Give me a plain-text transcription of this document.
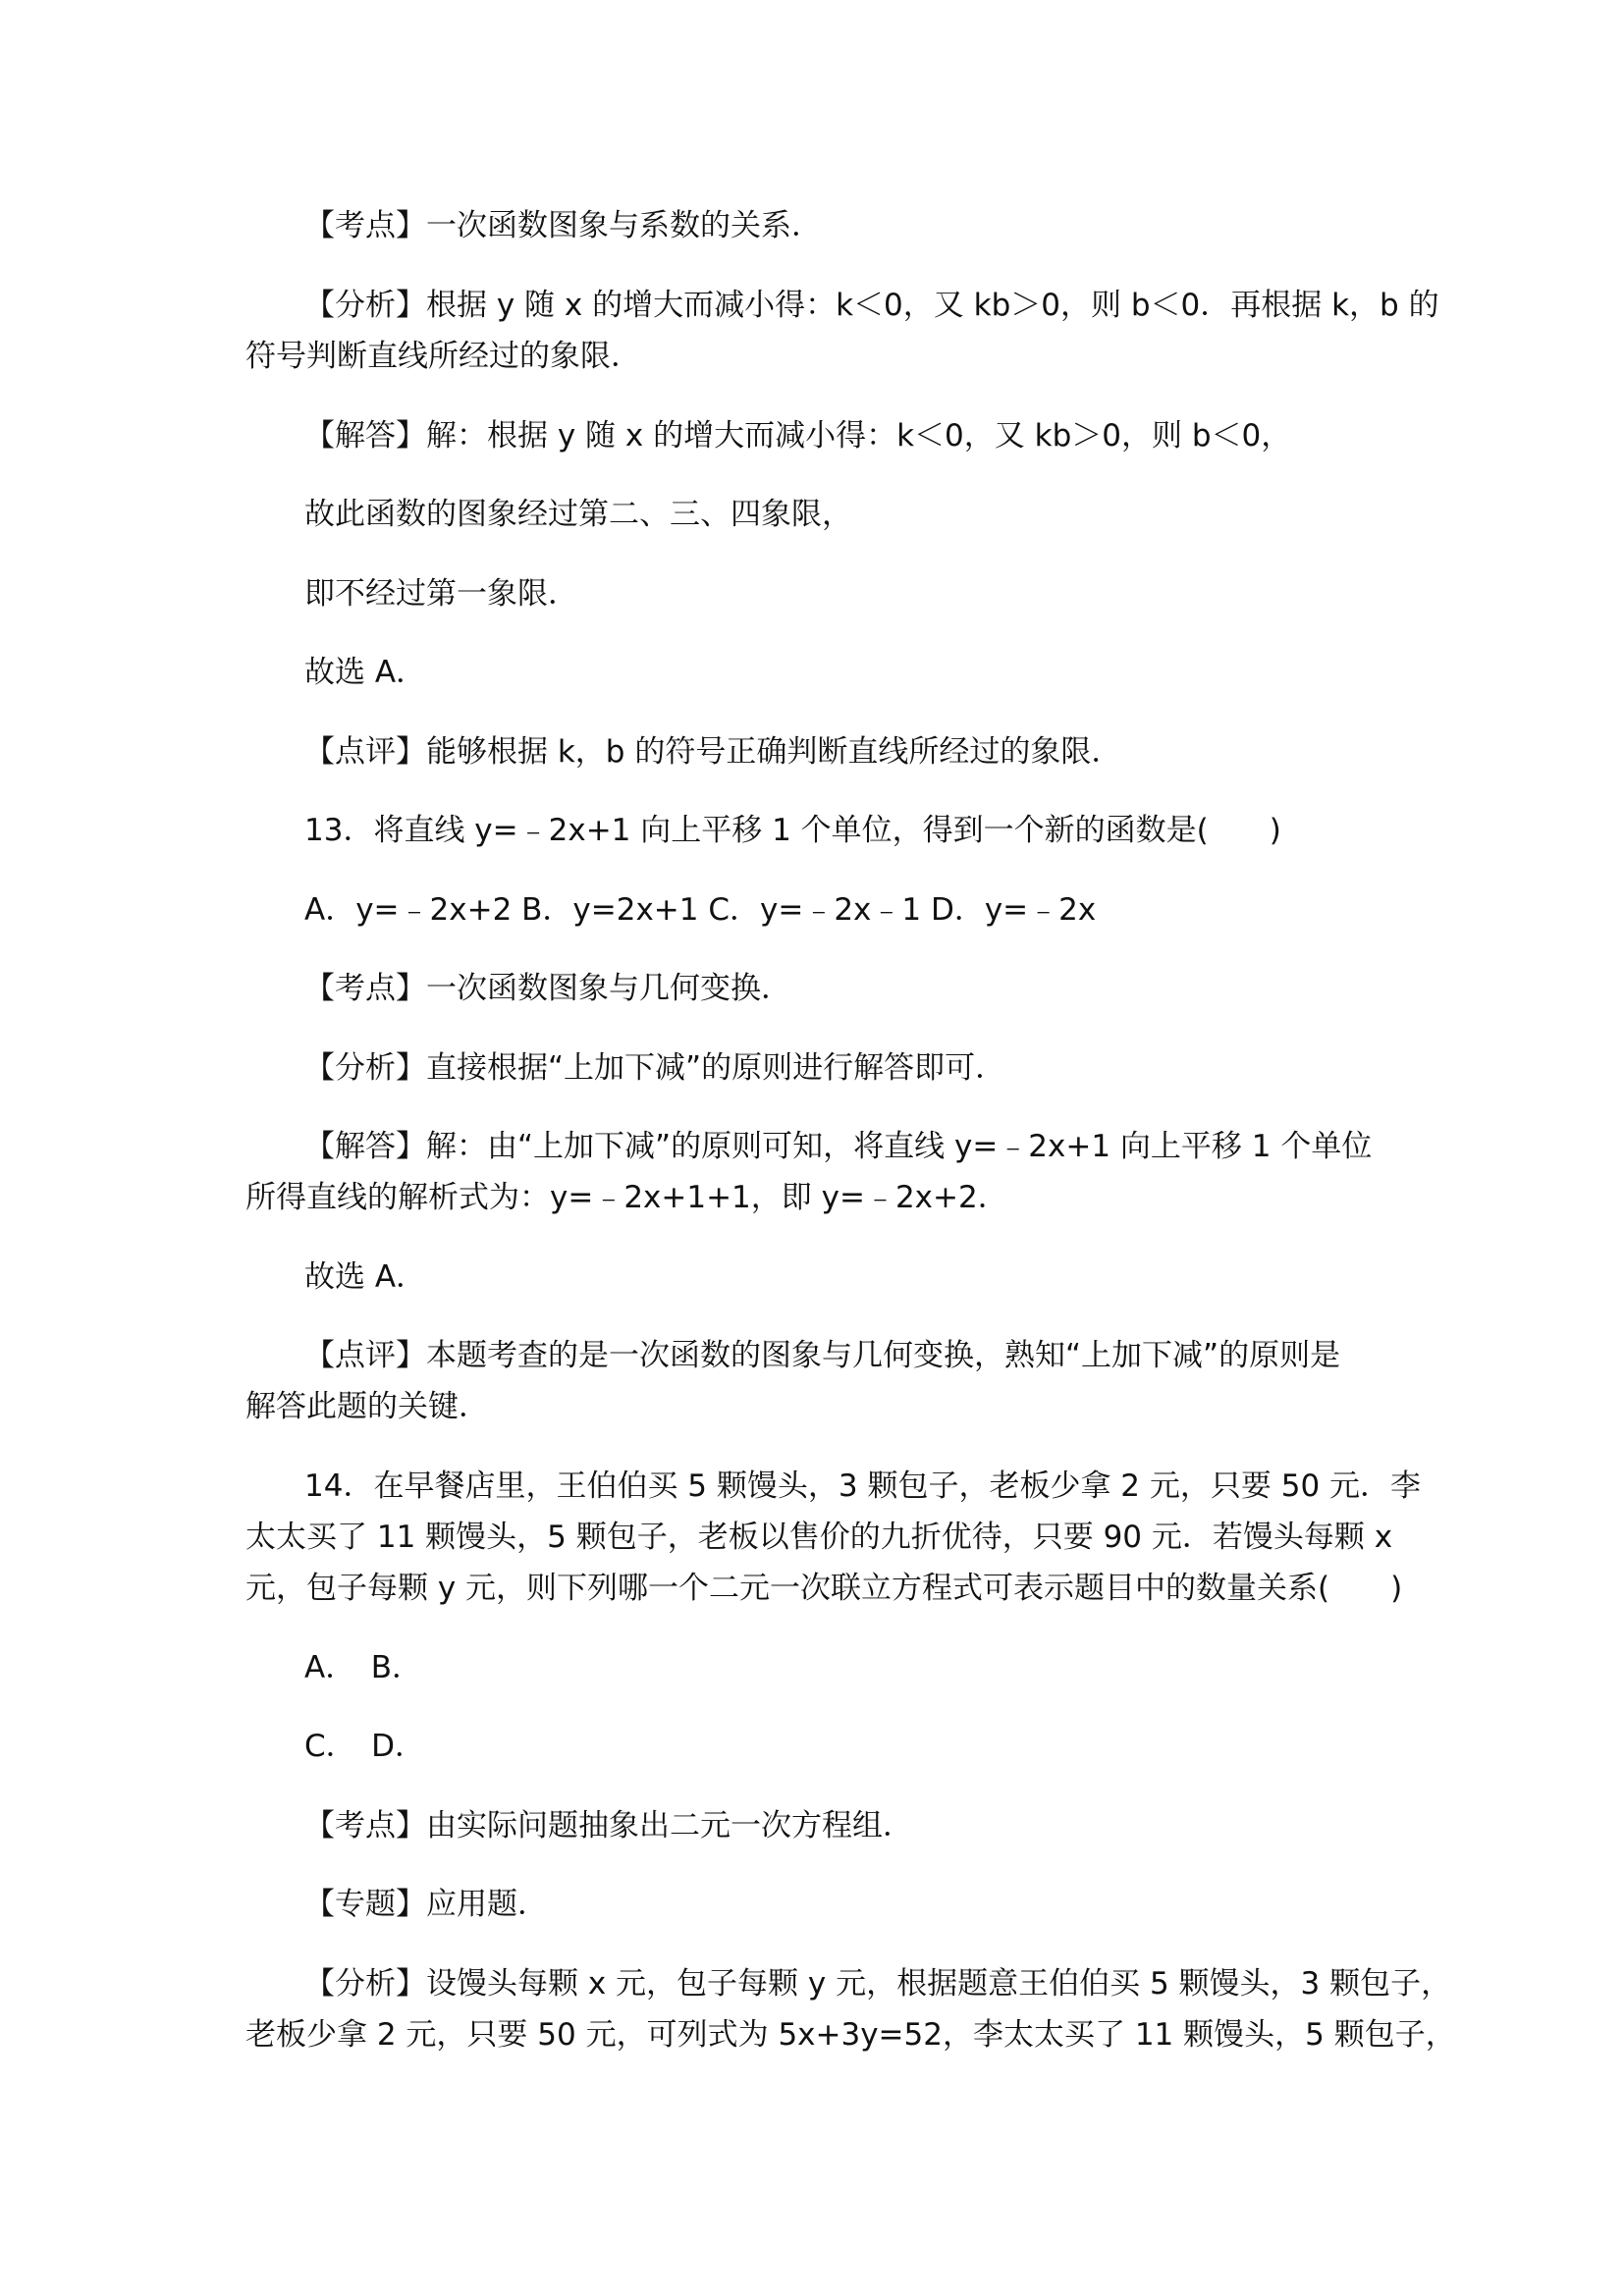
【考点】一次函数图象与系数的关系．
【分析】根据 y 随 x 的增大而减小得：k＜0，又 kb＞0，则 b＜0．再根据 k，b 的
符号判断直线所经过的象限．
【解答】解：根据 y 随 x 的增大而减小得：k＜0，又 kb＞0，则 b＜0，
故此函数的图象经过第二、三、四象限，
即不经过第一象限．
故选 A．
【点评】能够根据 k，b 的符号正确判断直线所经过的象限．
13．将直线 y=﹣2x+1 向上平移 1 个单位，得到一个新的函数是(　　)
A．y=﹣2x+2 B．y=2x+1 C．y=﹣2x﹣1 D．y=﹣2x
【考点】一次函数图象与几何变换．
【分析】直接根据“上加下减”的原则进行解答即可．
【解答】解：由“上加下减”的原则可知，将直线 y=﹣2x+1 向上平移 1 个单位
所得直线的解析式为：y=﹣2x+1+1，即 y=﹣2x+2．
故选 A．
【点评】本题考查的是一次函数的图象与几何变换，熟知“上加下减”的原则是
解答此题的关键．
14．在早餐店里，王伯伯买 5 颗馒头，3 颗包子，老板少拿 2 元，只要 50 元．李
太太买了 11 颗馒头，5 颗包子，老板以售价的九折优待，只要 90 元．若馒头每颗 x
元，包子每颗 y 元，则下列哪一个二元一次联立方程式可表示题目中的数量关系(　　)
A．　B．
C．　D．
【考点】由实际问题抽象出二元一次方程组．
【专题】应用题．
【分析】设馒头每颗 x 元，包子每颗 y 元，根据题意王伯伯买 5 颗馒头，3 颗包子，
老板少拿 2 元，只要 50 元，可列式为 5x+3y=52，李太太买了 11 颗馒头，5 颗包子，
